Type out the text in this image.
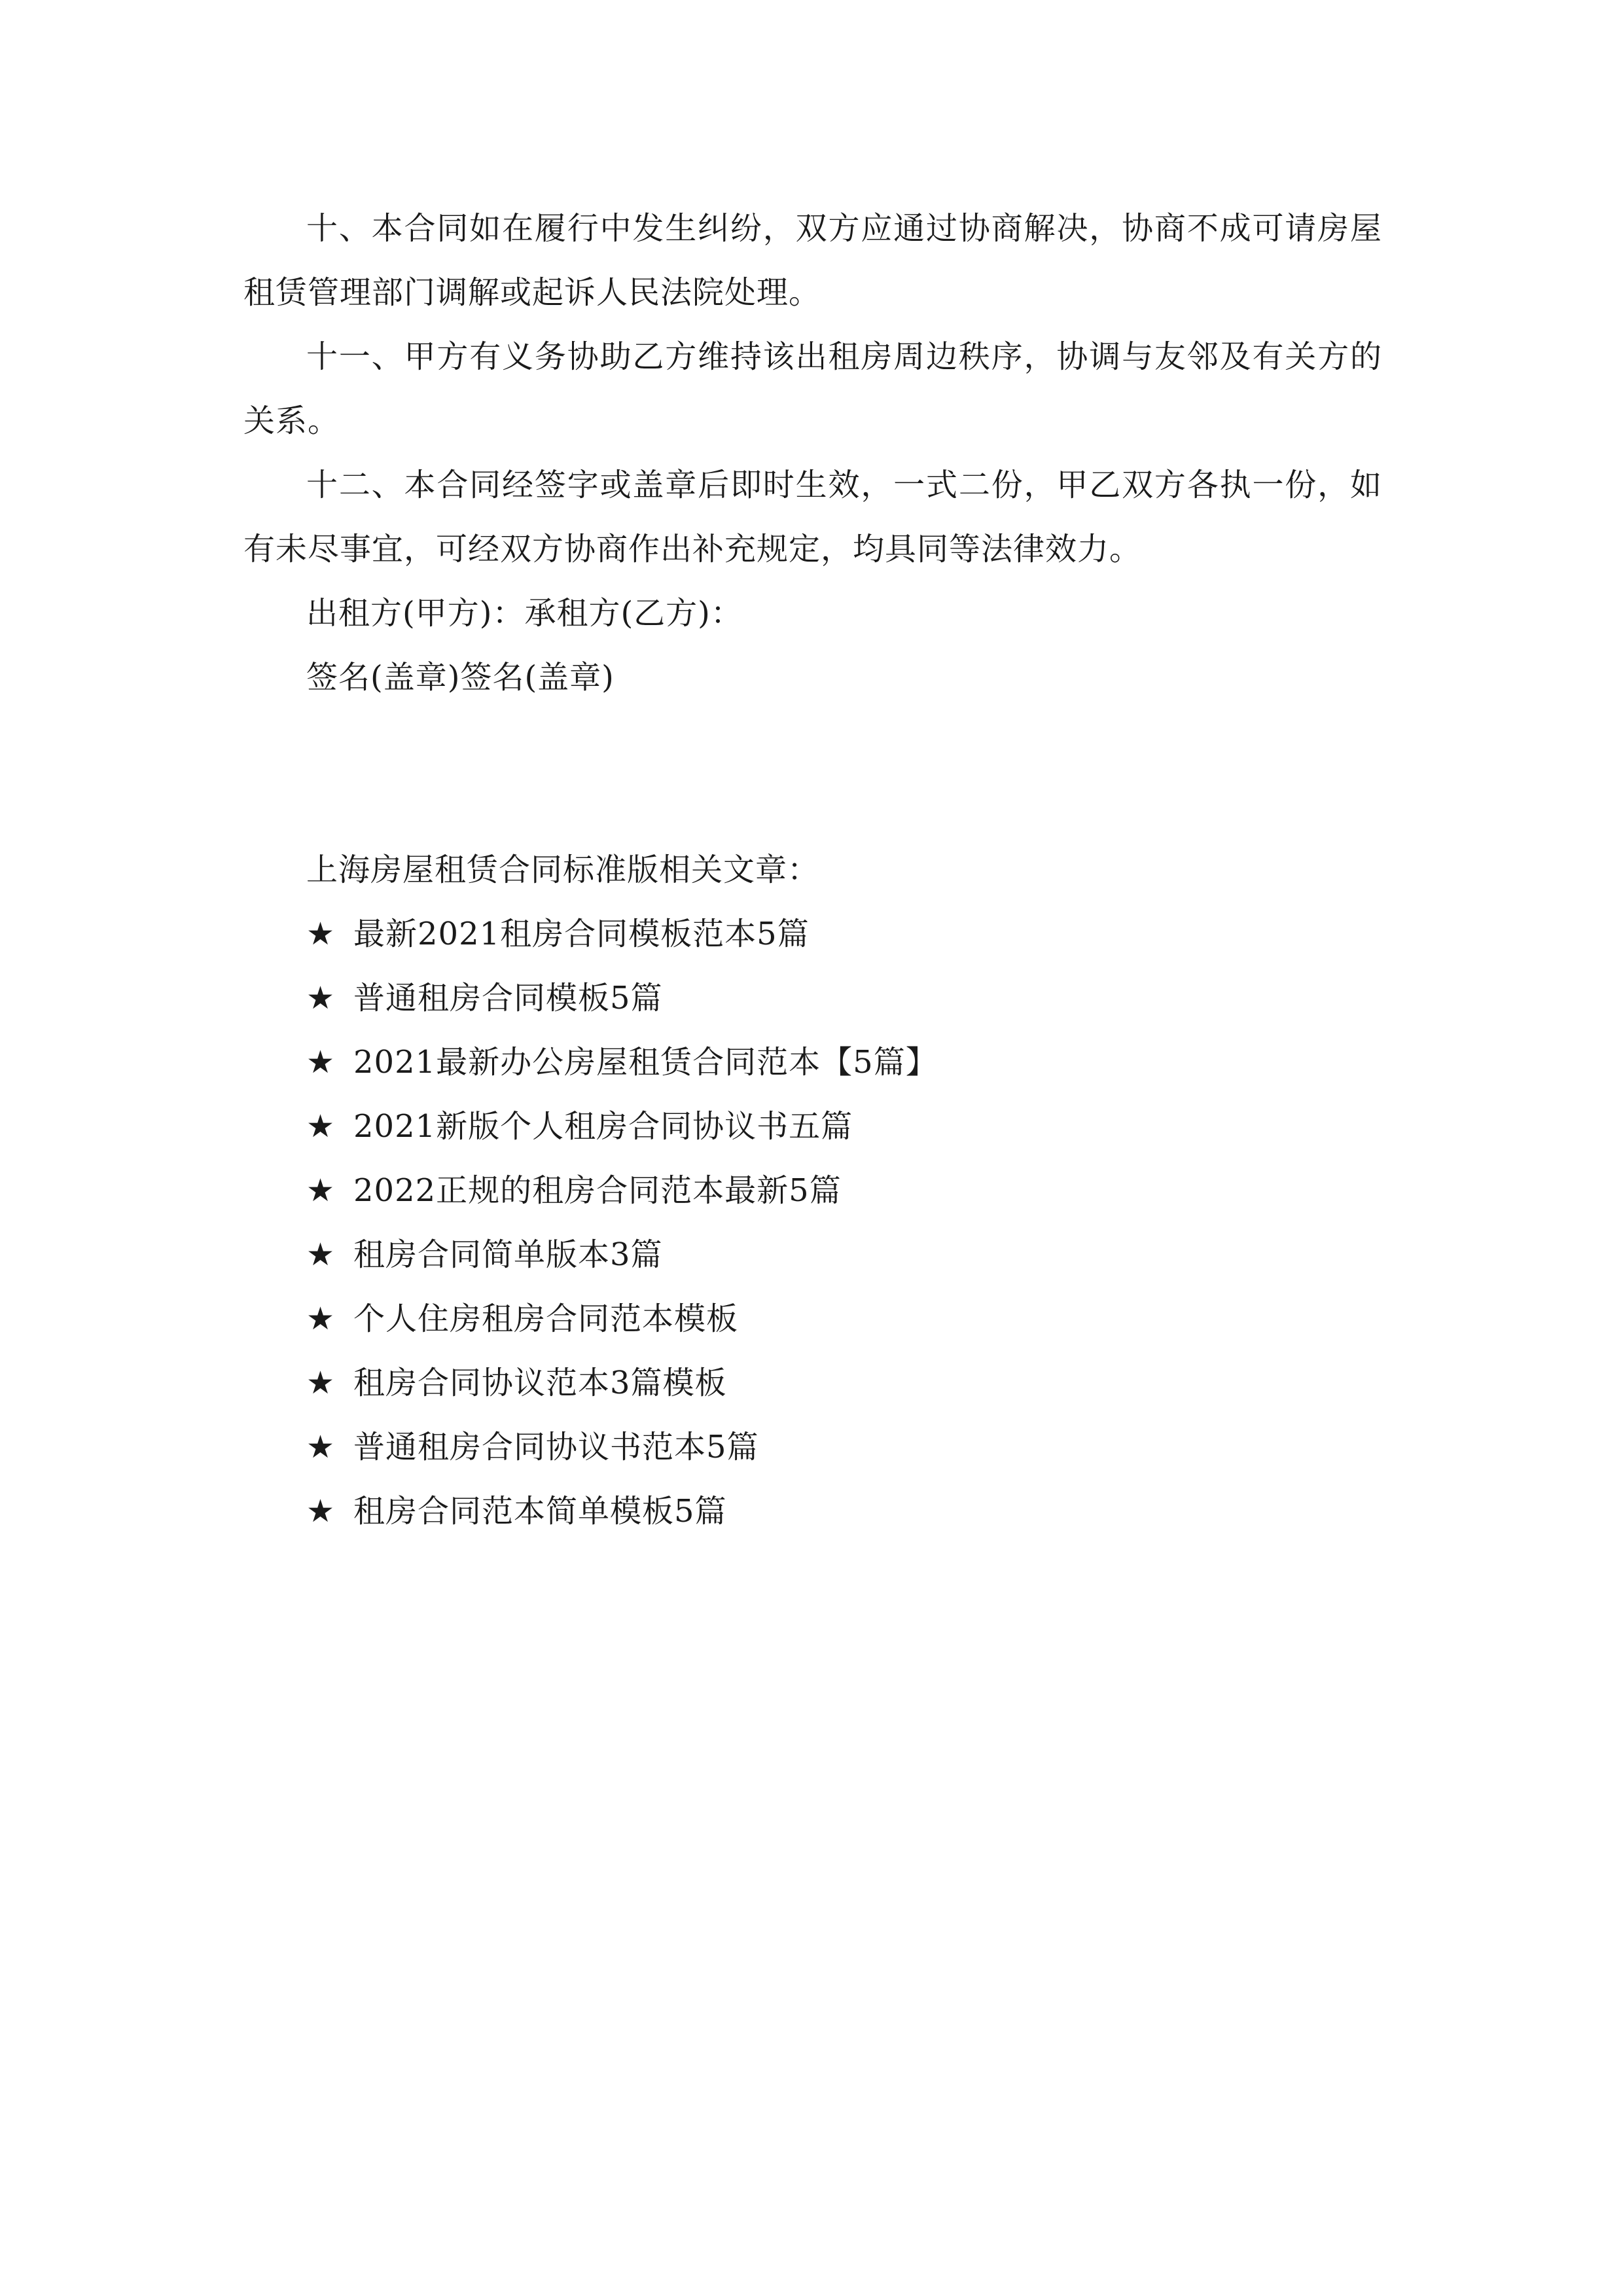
十、本合同如在履行中发生纠纷，双方应通过协商解决，协商不成可请房屋租赁管理部门调解或起诉人民法院处理。

十一、甲方有义务协助乙方维持该出租房周边秩序，协调与友邻及有关方的关系。

十二、本合同经签字或盖章后即时生效，一式二份，甲乙双方各执一份，如有未尽事宜，可经双方协商作出补充规定，均具同等法律效力。

出租方(甲方)：承租方(乙方)：

签名(盖章)签名(盖章)

上海房屋租赁合同标准版相关文章：

★ 最新2021租房合同模板范本5篇
★ 普通租房合同模板5篇
★ 2021最新办公房屋租赁合同范本【5篇】
★ 2021新版个人租房合同协议书五篇
★ 2022正规的租房合同范本最新5篇
★ 租房合同简单版本3篇
★ 个人住房租房合同范本模板
★ 租房合同协议范本3篇模板
★ 普通租房合同协议书范本5篇
★ 租房合同范本简单模板5篇
